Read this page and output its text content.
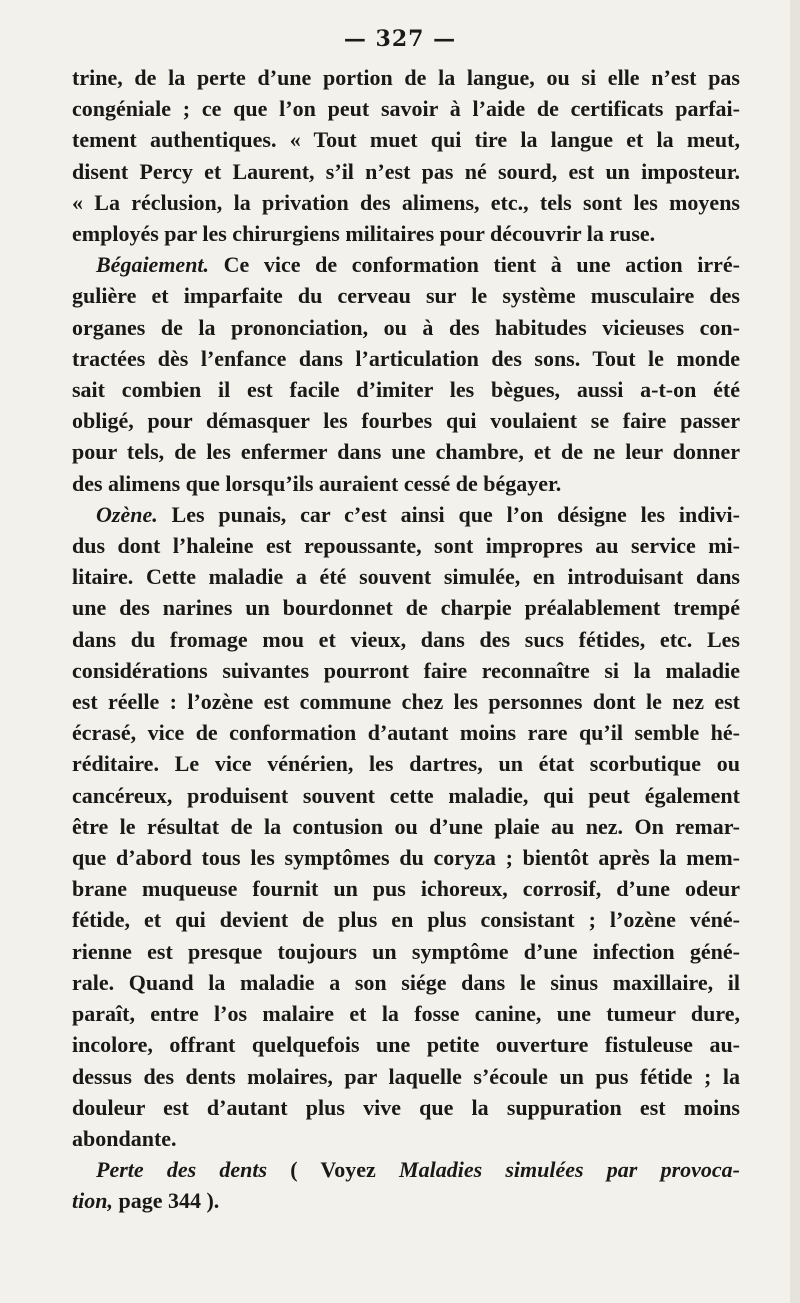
— 327 —
trine, de la perte d’une portion de la langue, ou si elle n’est pas
congéniale ; ce que l’on peut savoir à l’aide de certificats parfai-
tement authentiques. « Tout muet qui tire la langue et la meut,
disent Percy et Laurent, s’il n’est pas né sourd, est un imposteur.
« La réclusion, la privation des alimens, etc., tels sont les moyens
employés par les chirurgiens militaires pour découvrir la ruse.
Bégaiement. Ce vice de conformation tient à une action irré-
gulière et imparfaite du cerveau sur le système musculaire des
organes de la prononciation, ou à des habitudes vicieuses con-
tractées dès l’enfance dans l’articulation des sons. Tout le monde
sait combien il est facile d’imiter les bègues, aussi a-t-on été
obligé, pour démasquer les fourbes qui voulaient se faire passer
pour tels, de les enfermer dans une chambre, et de ne leur donner
des alimens que lorsqu’ils auraient cessé de bégayer.
Ozène. Les punais, car c’est ainsi que l’on désigne les indivi-
dus dont l’haleine est repoussante, sont impropres au service mi-
litaire. Cette maladie a été souvent simulée, en introduisant dans
une des narines un bourdonnet de charpie préalablement trempé
dans du fromage mou et vieux, dans des sucs fétides, etc. Les
considérations suivantes pourront faire reconnaître si la maladie
est réelle : l’ozène est commune chez les personnes dont le nez est
écrasé, vice de conformation d’autant moins rare qu’il semble hé-
réditaire. Le vice vénérien, les dartres, un état scorbutique ou
cancéreux, produisent souvent cette maladie, qui peut également
être le résultat de la contusion ou d’une plaie au nez. On remar-
que d’abord tous les symptômes du coryza ; bientôt après la mem-
brane muqueuse fournit un pus ichoreux, corrosif, d’une odeur
fétide, et qui devient de plus en plus consistant ; l’ozène véné-
rienne est presque toujours un symptôme d’une infection géné-
rale. Quand la maladie a son siége dans le sinus maxillaire, il
paraît, entre l’os malaire et la fosse canine, une tumeur dure,
incolore, offrant quelquefois une petite ouverture fistuleuse au-
dessus des dents molaires, par laquelle s’écoule un pus fétide ; la
douleur est d’autant plus vive que la suppuration est moins
abondante.
Perte des dents ( Voyez Maladies simulées par provoca-
tion, page 344 ).
